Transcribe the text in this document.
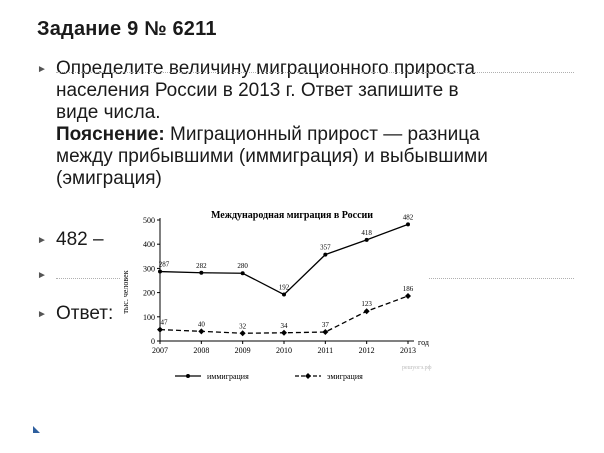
Задание 9 № 6211
► Определите величину миграционного прироста
населения России в 2013 г. Ответ запишите в
виде числа.
Пояснение: Миграционный прирост — разница
между прибывшими (иммиграция) и выбывшими
(эмиграция)
► 482 –
►
► Ответ:
Международная миграция в России
тыс. человек
год
решуогэ.рф
0
100
200
300
400
500
2007	2008	2009	2010	2011	2012	2013
287	282	280
192
357
418
482
47	40	32	34	37
123
186
иммиграция	эмиграция
